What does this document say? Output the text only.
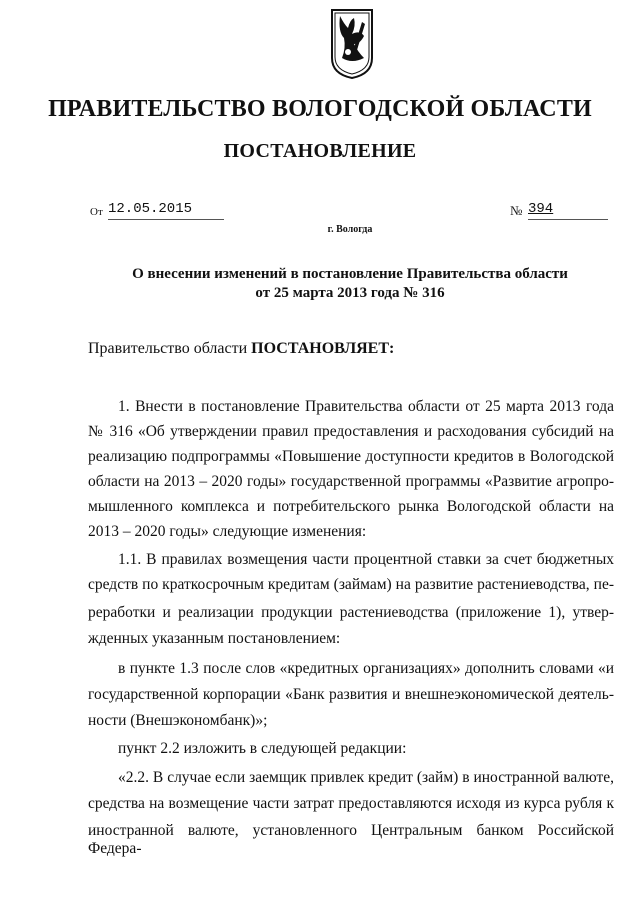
ПРАВИТЕЛЬСТВО ВОЛОГОДСКОЙ ОБЛАСТИ
ПОСТАНОВЛЕНИЕ
От 12.05.2015	№ 394
г. Вологда
О внесении изменений в постановление Правительства области
от 25 марта 2013 года № 316
Правительство области ПОСТАНОВЛЯЕТ:
1. Внести в постановление Правительства области от 25 марта 2013 года
№ 316 «Об утверждении правил предоставления и расходования субсидий на
реализацию подпрограммы «Повышение доступности кредитов в Вологодской
области на 2013 – 2020 годы» государственной программы «Развитие агропро-
мышленного комплекса и потребительского рынка Вологодской области на
2013 – 2020 годы» следующие изменения:
1.1. В правилах возмещения части процентной ставки за счет бюджетных
средств по краткосрочным кредитам (займам) на развитие растениеводства, пе-
реработки и реализации продукции растениеводства (приложение 1), утвер-
жденных указанным постановлением:
в пункте 1.3 после слов «кредитных организациях» дополнить словами «и
государственной корпорации «Банк развития и внешнеэкономической деятель-
ности (Внешэкономбанк)»;
пункт 2.2 изложить в следующей редакции:
«2.2. В случае если заемщик привлек кредит (займ) в иностранной валюте,
средства на возмещение части затрат предоставляются исходя из курса рубля к
иностранной валюте, установленного Центральным банком Российской Федера-
